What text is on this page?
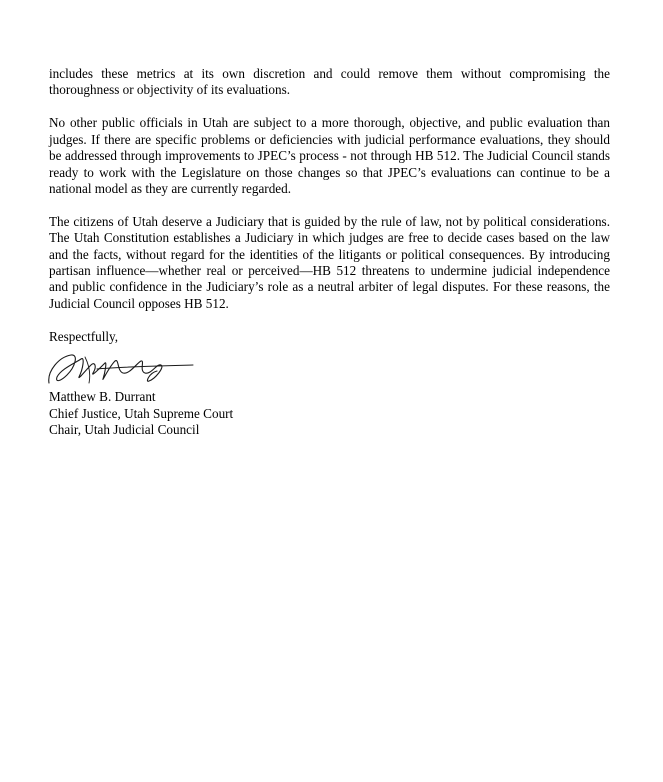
includes these metrics at its own discretion and could remove them without compromising the thoroughness or objectivity of its evaluations.

No other public officials in Utah are subject to a more thorough, objective, and public evaluation than judges. If there are specific problems or deficiencies with judicial performance evaluations, they should be addressed through improvements to JPEC’s process - not through HB 512. The Judicial Council stands ready to work with the Legislature on those changes so that JPEC’s evaluations can continue to be a national model as they are currently regarded.

The citizens of Utah deserve a Judiciary that is guided by the rule of law, not by political considerations. The Utah Constitution establishes a Judiciary in which judges are free to decide cases based on the law and the facts, without regard for the identities of the litigants or political consequences. By introducing partisan influence—whether real or perceived—HB 512 threatens to undermine judicial independence and public confidence in the Judiciary’s role as a neutral arbiter of legal disputes. For these reasons, the Judicial Council opposes HB 512.

Respectfully,

Matthew B. Durrant

Chief Justice, Utah Supreme Court

Chair, Utah Judicial Council
